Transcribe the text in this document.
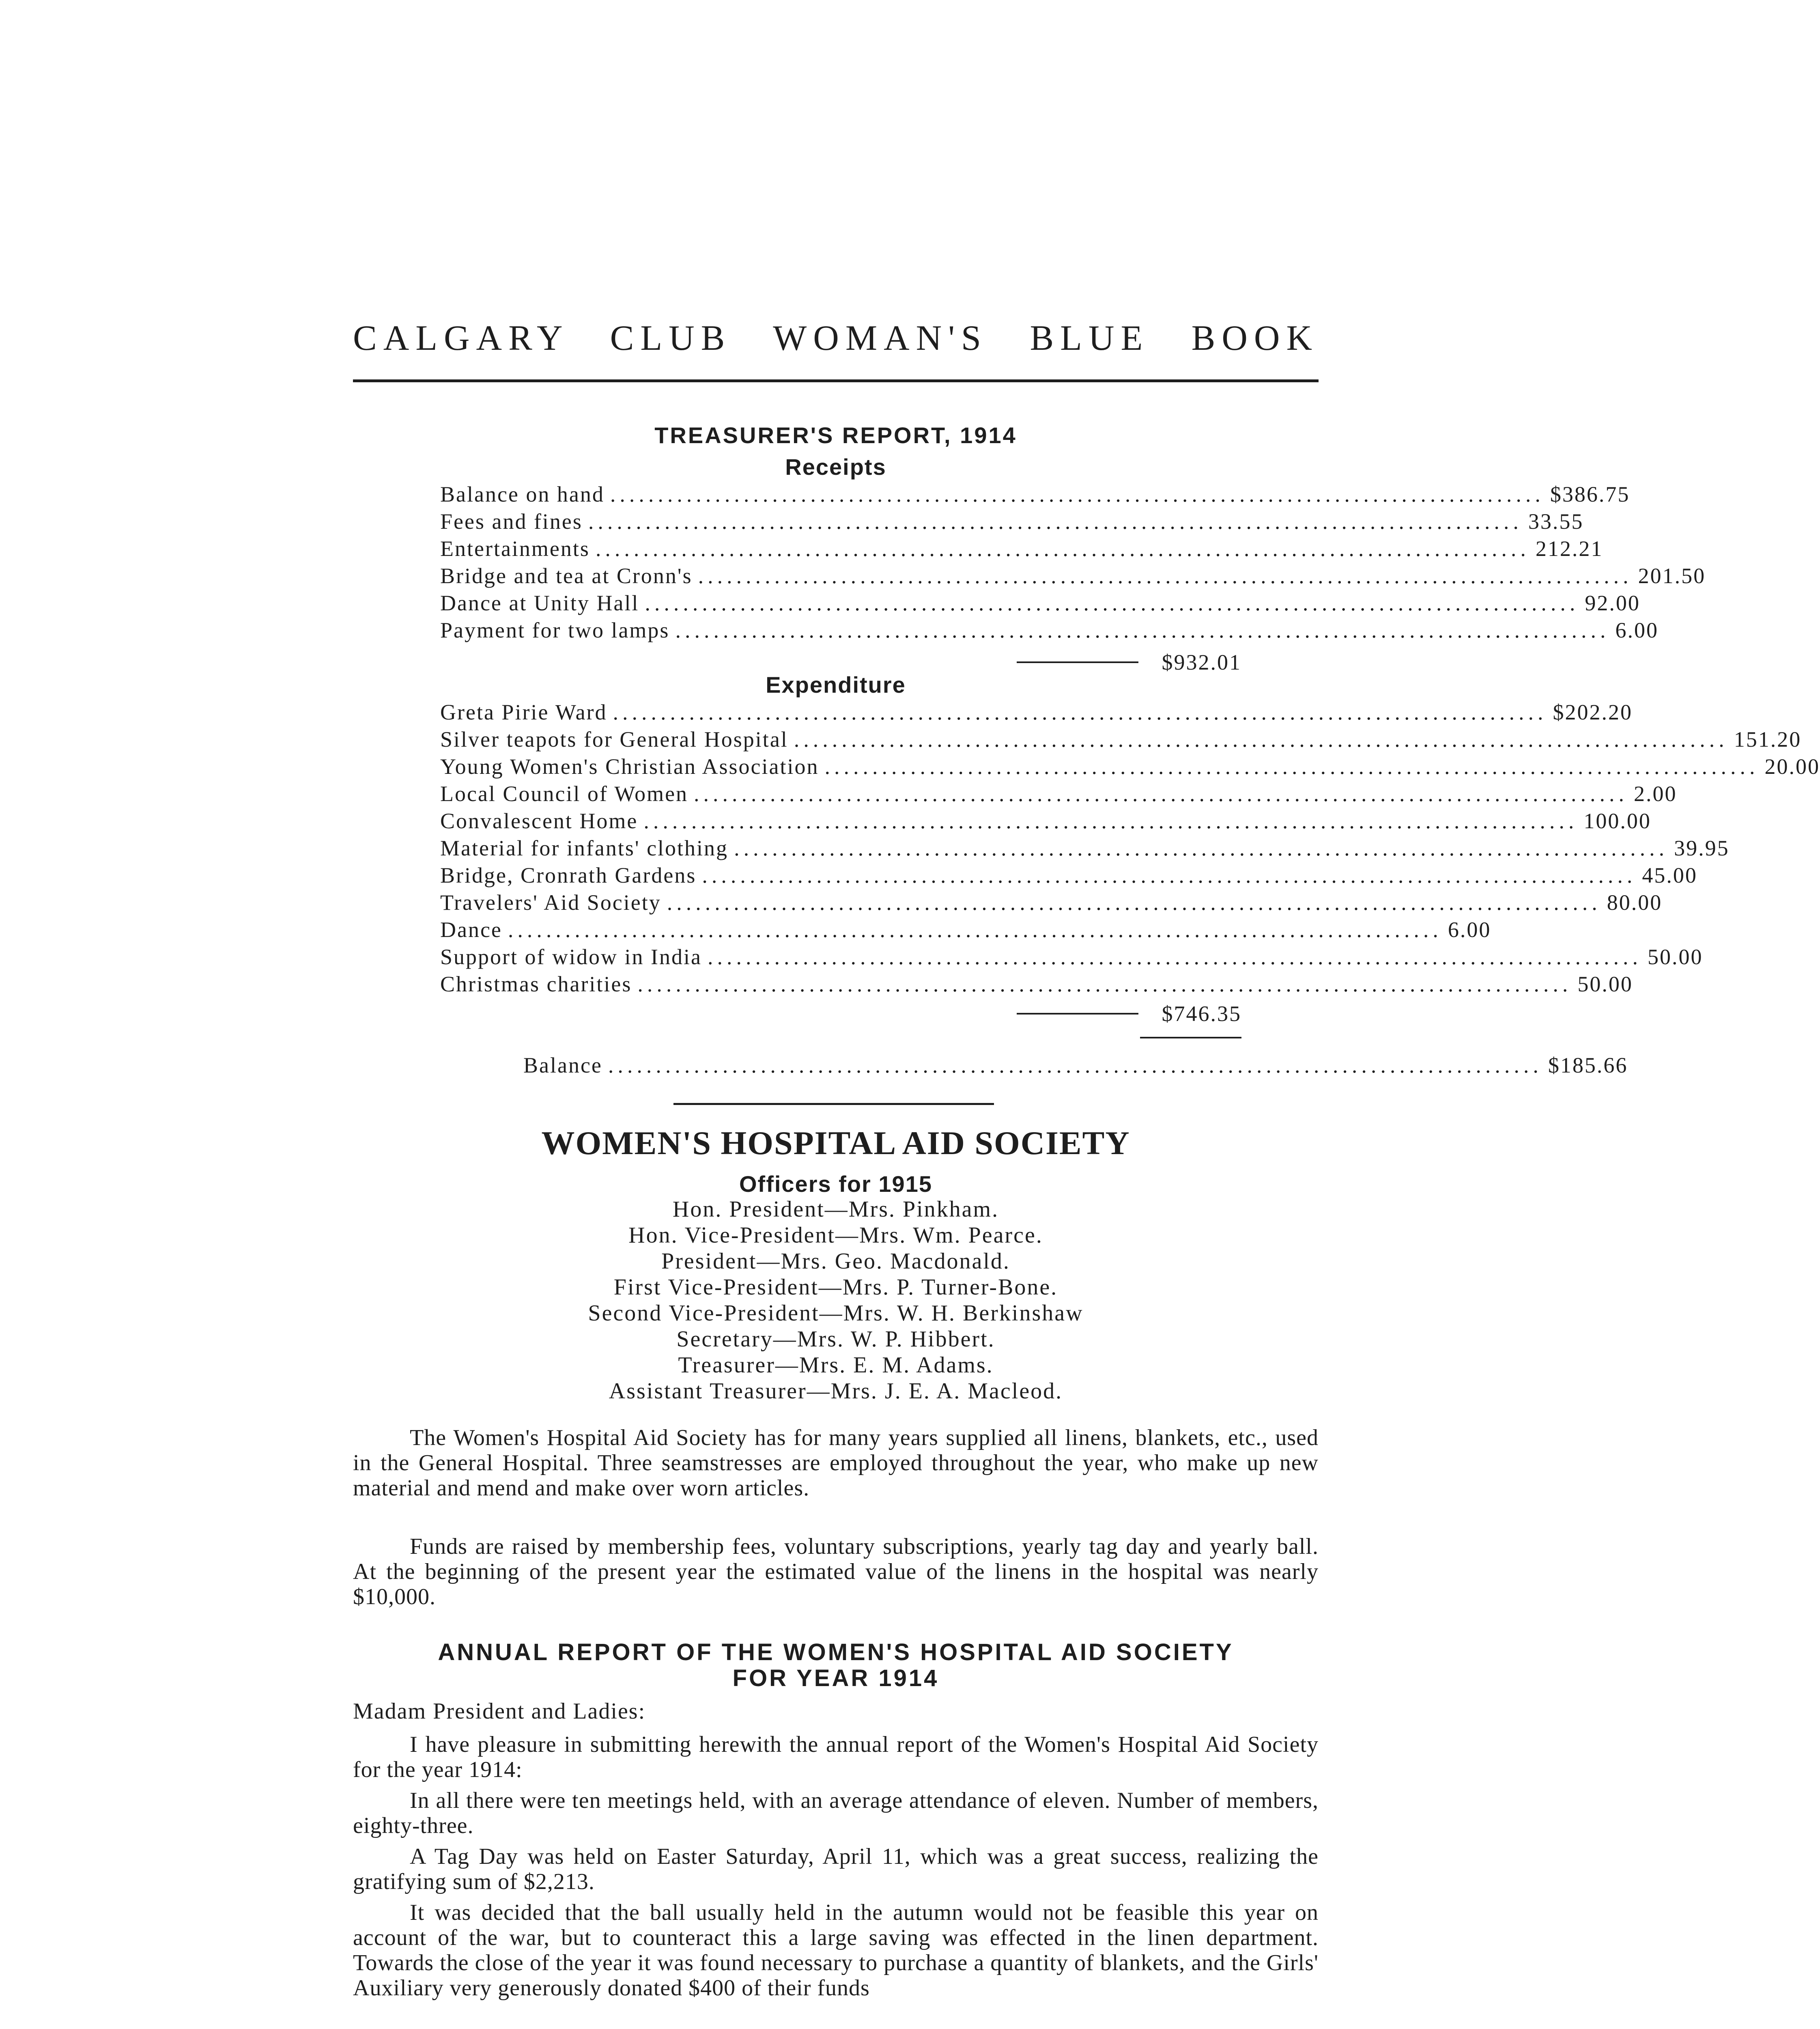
CALGARY CLUB WOMAN'S BLUE BOOK
TREASURER'S REPORT, 1914
Receipts
Balance on hand .................................................................................................. $386.75
Fees and fines .................................................................................................. 33.55
Entertainments .................................................................................................. 212.21
Bridge and tea at Cronn's .................................................................................................. 201.50
Dance at Unity Hall .................................................................................................. 92.00
Payment for two lamps .................................................................................................. 6.00
$932.01
Expenditure
Greta Pirie Ward .................................................................................................. $202.20
Silver teapots for General Hospital .................................................................................................. 151.20
Young Women's Christian Association .................................................................................................. 20.00
Local Council of Women .................................................................................................. 2.00
Convalescent Home .................................................................................................. 100.00
Material for infants' clothing .................................................................................................. 39.95
Bridge, Cronrath Gardens .................................................................................................. 45.00
Travelers' Aid Society .................................................................................................. 80.00
Dance .................................................................................................. 6.00
Support of widow in India .................................................................................................. 50.00
Christmas charities .................................................................................................. 50.00
$746.35
Balance .................................................................................................. $185.66
WOMEN'S HOSPITAL AID SOCIETY
Officers for 1915
Hon. President—Mrs. Pinkham.
Hon. Vice-President—Mrs. Wm. Pearce.
President—Mrs. Geo. Macdonald.
First Vice-President—Mrs. P. Turner-Bone.
Second Vice-President—Mrs. W. H. Berkinshaw
Secretary—Mrs. W. P. Hibbert.
Treasurer—Mrs. E. M. Adams.
Assistant Treasurer—Mrs. J. E. A. Macleod.

The Women's Hospital Aid Society has for many years supplied all linens, blankets, etc., used in the General Hospital. Three seamstresses are employed throughout the year, who make up new material and mend and make over worn articles.

Funds are raised by membership fees, voluntary subscriptions, yearly tag day and yearly ball. At the beginning of the present year the estimated value of the linens in the hospital was nearly $10,000.

ANNUAL REPORT OF THE WOMEN'S HOSPITAL AID SOCIETY
FOR YEAR 1914
Madam President and Ladies:

I have pleasure in submitting herewith the annual report of the Women's Hospital Aid Society for the year 1914:

In all there were ten meetings held, with an average attendance of eleven. Number of members, eighty-three.

A Tag Day was held on Easter Saturday, April 11, which was a great success, realizing the gratifying sum of $2,213.

It was decided that the ball usually held in the autumn would not be feasible this year on account of the war, but to counteract this a large saving was effected in the linen department. Towards the close of the year it was found necessary to purchase a quantity of blankets, and the Girls' Auxiliary very generously donated $400 of their funds
